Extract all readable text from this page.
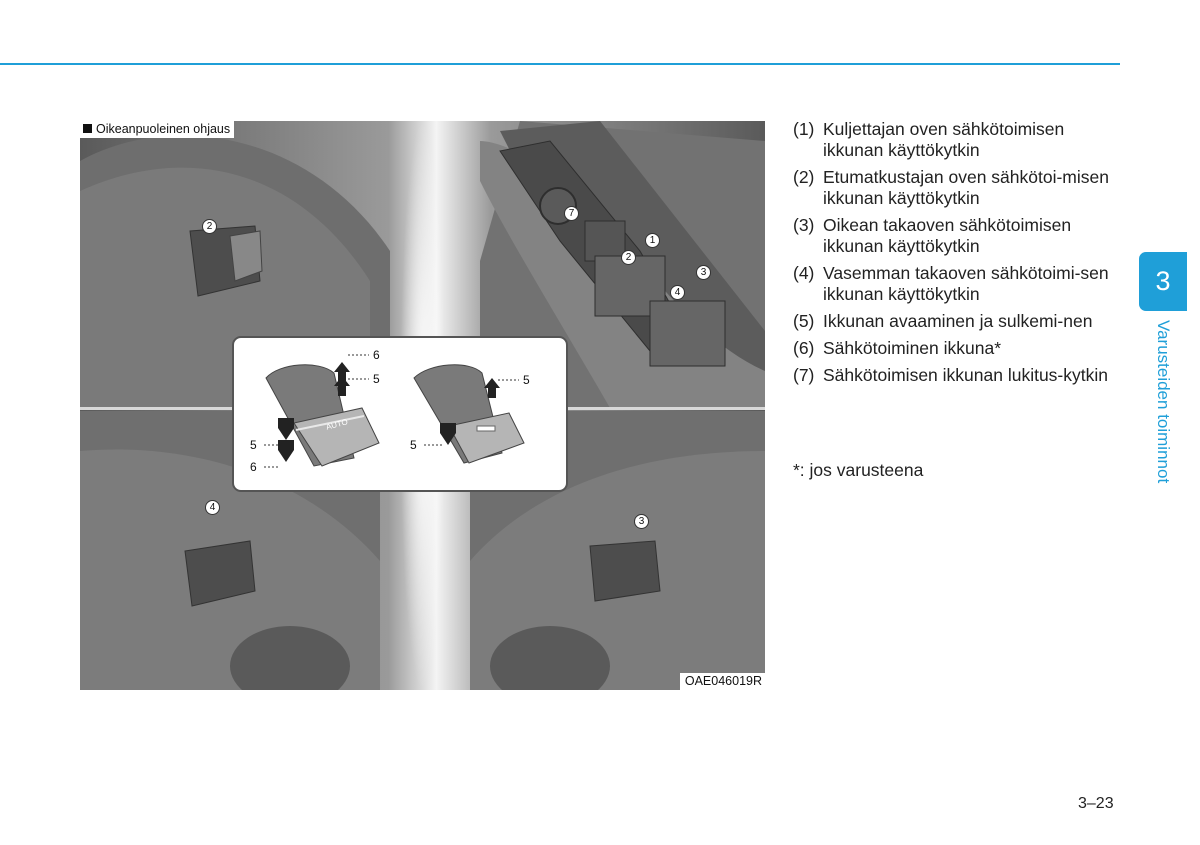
Oikeanpuoleinen ohjaus
2
7
1
2
3
4
4
3
AUTO
6
5
5
6
5
5
OAE046019R
(1) Kuljettajan oven sähkötoimisen ikkunan käyttökytkin
(2) Etumatkustajan oven sähkötoi-misen ikkunan käyttökytkin
(3) Oikean takaoven sähkötoimisen ikkunan käyttökytkin
(4) Vasemman takaoven sähkötoimi-sen ikkunan käyttökytkin
(5) Ikkunan avaaminen ja sulkemi-nen
(6) Sähkötoiminen ikkuna*
(7) Sähkötoimisen ikkunan lukitus-kytkin
*: jos varusteena
3
Varusteiden toiminnot
3–23
